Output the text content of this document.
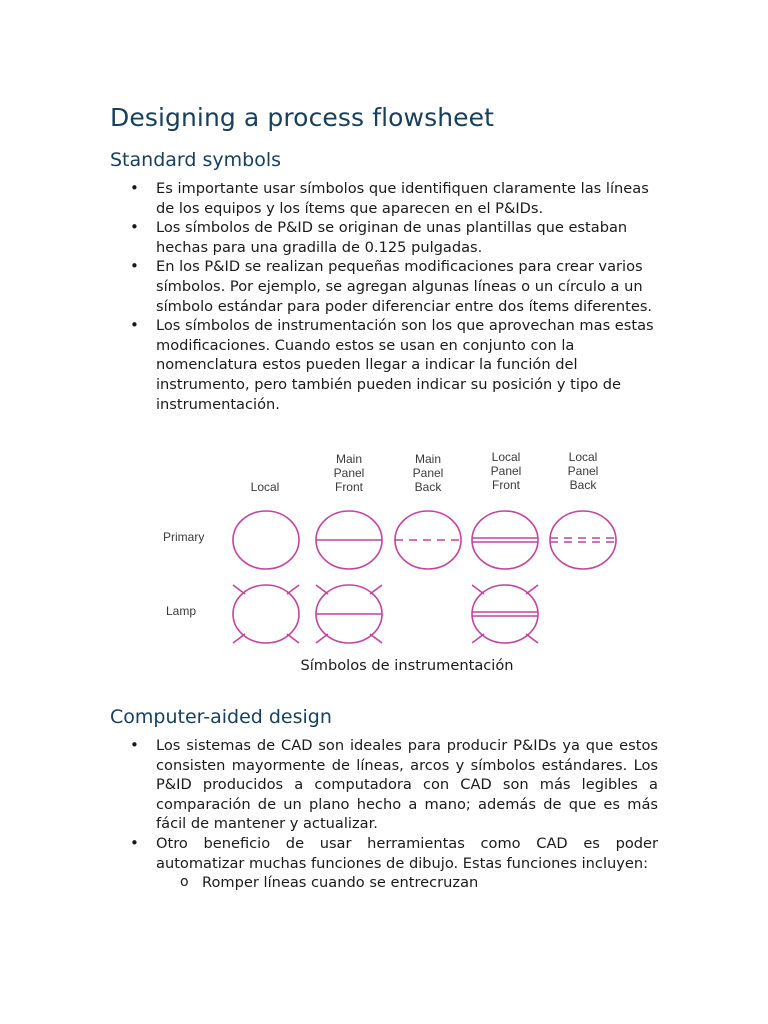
Designing a process flowsheet
Standard symbols
• Es importante usar símbolos que identifiquen claramente las líneas de los equipos y los ítems que aparecen en el P&IDs.
• Los símbolos de P&ID se originan de unas plantillas que estaban hechas para una gradilla de 0.125 pulgadas.
• En los P&ID se realizan pequeñas modificaciones para crear varios símbolos. Por ejemplo, se agregan algunas líneas o un círculo a un símbolo estándar para poder diferenciar entre dos ítems diferentes.
• Los símbolos de instrumentación son los que aprovechan mas estas modificaciones. Cuando estos se usan en conjunto con la nomenclatura estos pueden llegar a indicar la función del instrumento, pero también pueden indicar su posición y tipo de instrumentación.
Local
Main
Panel
Front
Main
Panel
Back
Local
Panel
Front
Local
Panel
Back
Primary
Lamp
Símbolos de instrumentación
Computer-aided design
• Los sistemas de CAD son ideales para producir P&IDs ya que estos consisten mayormente de líneas, arcos y símbolos estándares. Los P&ID producidos a computadora con CAD son más legibles a comparación de un plano hecho a mano; además de que es más fácil de mantener y actualizar.
• Otro beneficio de usar herramientas como CAD es poder automatizar muchas funciones de dibujo. Estas funciones incluyen:
o Romper líneas cuando se entrecruzan
